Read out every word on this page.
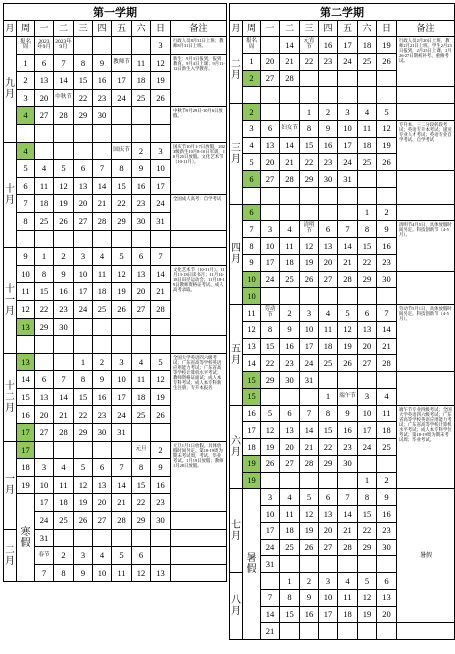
第一学期									
月	周	一	二	三	四	五	六	日	备注
九月	报名周	2023年9月	2023年9月					3	行政人员8月31日上班；教师8月31日上班。
	1	6	7	8	9	教师节	11	12	新生：9月3日报到，报到教育。9月4日上课；9月11-12日新生入学教育。
	2	13	14	15	16	17	18	19	
	3	20	中秋节	22	23	24	25	26	
	4	27	28	29	30				中秋节9月29日-10月6日放假。

十月	4					国庆节	2	3	国庆节10月1-7日放假，2023级新生10月8-10日军训，10月25日放假。文化艺术节（10-11月）。
	5	4	5	6	7	8	9	10	
	6	11	12	13	14	15	16	17	
	7	18	19	20	21	22	23	24	全国成人高考：自学考试
	8	25	26	27	28	29	30	31	

十一月	9	1	2	3	4	5	6	7	
	10	8	9	10	11	12	13	14	文化艺术节（10-11月）。11月13-18日读书月；11月14-18日田径运动会；11月18-19日教师资格证考试，成人高考录取。
	11	15	16	17	18	19	20	21	
	12	22	23	24	25	26	27	28	
	13	29	30						

十二月	13			1	2	3	4	5	全国大学英语四六级考试；广东省高等学校英语应用能力考试；广东省高等学校计算机水平考试；教师资格证面试；成人本专科考试；成人本专科新生注册；专升本报名
	14	6	7	8	9	10	11	12	
	15	13	14	15	16	17	18	19	
	16	20	21	22	23	24	25	26	
	17	27	28	29	30	31			
一月	17						元旦	2	元旦1月1日放假。具体放假时间另定。第18-19周为期末考试周，考试、毕业考试。1月19日放假；教师1月28日放假。
	18	3	4	5	6	7	8	9	
	19	10	11	12	13	14	15	16	
	寒假	17	18	19	20	21	22	23	
		24	25	26	27	28	29	30	
二月		31							
		春节	2	3	4	5	6		
		7	8	9	10	11	12	13	
第二学期									
月	周	一	二	三	四	五	六	日	备注
二月	报名周		14	元宵节	16	17	18	19	行政人员2月20日上班，教师2月21日上班。学生2月23日报到，2月25日上课，2月26-27日期初补考、重修考试。
	1	20	21	22	23	24	25	26	
	2	27	28						

三月	2			1	2	3	4	5	
	3	6	妇女节	8	9	10	11	12	专升本、三二分段转段考试；英语专升本考试；递送专业人才考试；英语专业自学考试、自学考试
	4	13	14	15	16	17	18	19	
	5	20	21	22	23	24	25	26	
	6	27	28	29	30	31			

四月	6						1	2	
	7	3	4	清明节	6	7	8	9	清明节4月5日，具体放假时间另定。科技创新节（4-5月）。
	8	10	11	12	13	14	15	16	
	9	17	18	19	20	21	22	23	
	10	24	25	26	27	28	29	30	
	10								
五月	11	劳动节	2	3	4	5	6	7	劳动节5月1日，具体放假时间另定。科技创新节（4-5月）。
	12	8	9	10	11	12	13	14	
	13	15	16	17	18	19	20	21	
	14	22	23	24	25	26	27	28	
	15	29	30	31					
	15				1	端午节	3	4	
六月	16	5	6	7	8	9	10	11	端午节专业四级考试；全国大学英语四六级考试；广东省高等学校英语应用能力考试；广东省高等学校计算机水平考试；成人本专科学位考试；第18-19周为期末考试周；毕业考试。
	17	12	13	14	15	16	17	18	
	18	19	20	21	22	23	24	25	
	19	26	27	28	29	30			
	19						1	2	
七月	暑假	3	4	5	6	7	8	9	暑假
		10	11	12	13	14	15	16	
		17	18	19	20	21	22	23	
		24	25	26	27	28	29	30	
		31							
八月			1	2	3	4	5	6	
		7	8	9	10	11	12	13	
		14	15	16	17	18	19	20	
		21							
